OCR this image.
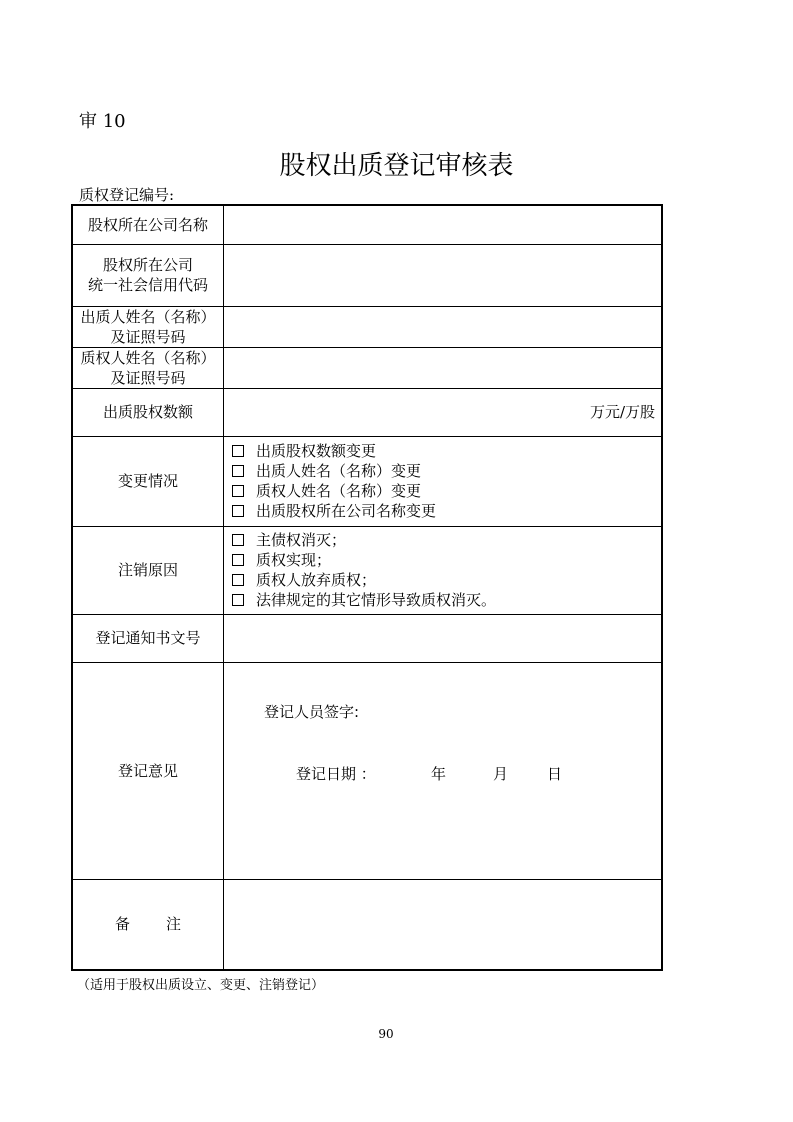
审 10
股权出质登记审核表
质权登记编号:
股权所在公司名称	

股权所在公司
统一社会信用代码	

出质人姓名（名称）
及证照号码	

质权人姓名（名称）
及证照号码	

出质股权数额	万元/万股
变更情况	出质股权数额变更
出质人姓名（名称）变更
质权人姓名（名称）变更
出质股权所在公司名称变更

注销原因	主债权消灭；
质权实现；
质权人放弃质权；
法律规定的其它情形导致质权消灭。

登记通知书文号	
登记意见	登记人员签字:
登记日期 ： 年 月 日

备 注	
（适用于股权出质设立、变更、注销登记）
90
